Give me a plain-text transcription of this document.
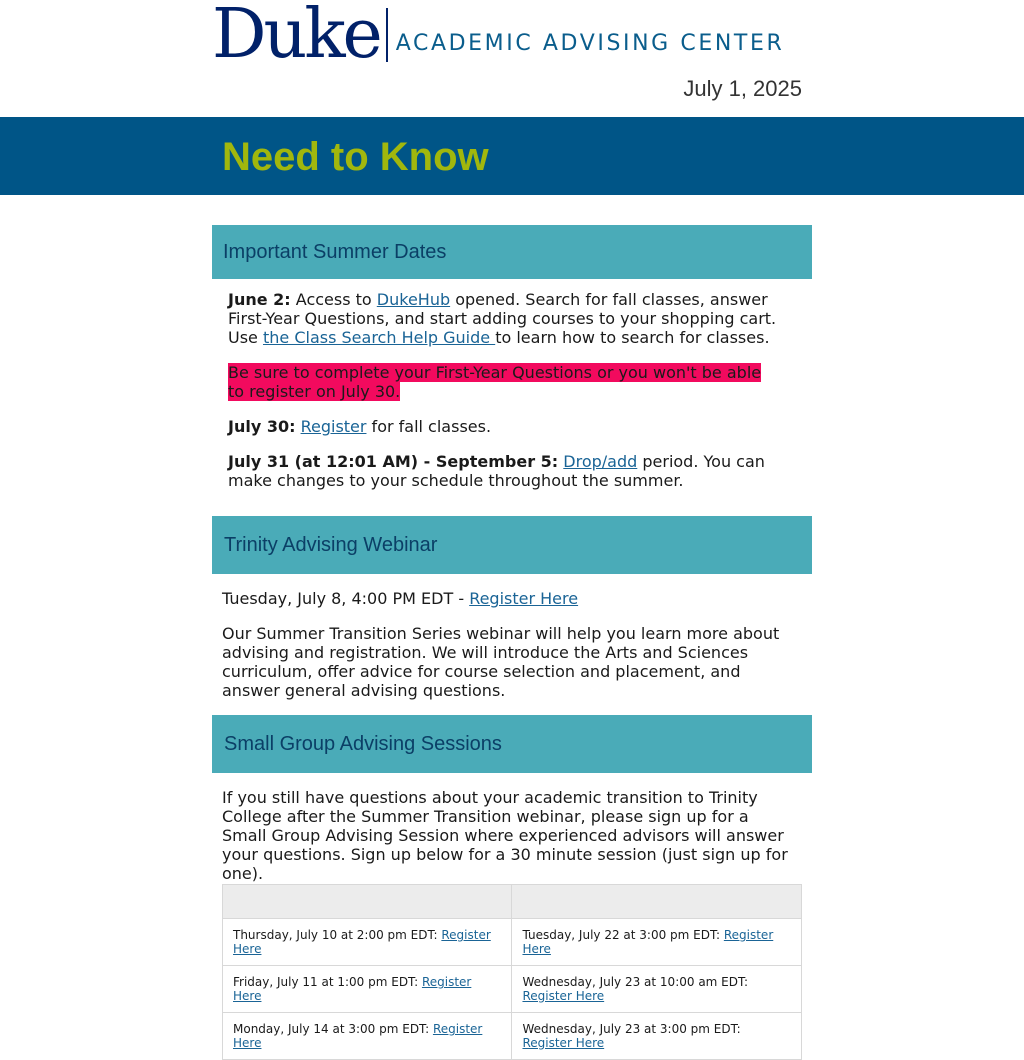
Duke ACADEMIC ADVISING CENTER
July 1, 2025
Need to Know
Important Summer Dates

June 2: Access to DukeHub opened. Search for fall classes, answer First-Year Questions, and start adding courses to your shopping cart. Use the Class Search Help Guide to learn how to search for classes.

Be sure to complete your First-Year Questions or you won't be able to register on July 30.

July 30: Register for fall classes.

July 31 (at 12:01 AM) - September 5: Drop/add period. You can make changes to your schedule throughout the summer.

Trinity Advising Webinar

Tuesday, July 8, 4:00 PM EDT - Register Here

Our Summer Transition Series webinar will help you learn more about advising and registration. We will introduce the Arts and Sciences curriculum, offer advice for course selection and placement, and answer general advising questions.

Small Group Advising Sessions

If you still have questions about your academic transition to Trinity College after the Summer Transition webinar, please sign up for a Small Group Advising Session where experienced advisors will answer your questions. Sign up below for a 30 minute session (just sign up for one).

Thursday, July 10 at 2:00 pm EDT: Register Here	Tuesday, July 22 at 3:00 pm EDT: Register Here
Friday, July 11 at 1:00 pm EDT: Register Here	Wednesday, July 23 at 10:00 am EDT: Register Here
Monday, July 14 at 3:00 pm EDT: Register Here	Wednesday, July 23 at 3:00 pm EDT: Register Here
